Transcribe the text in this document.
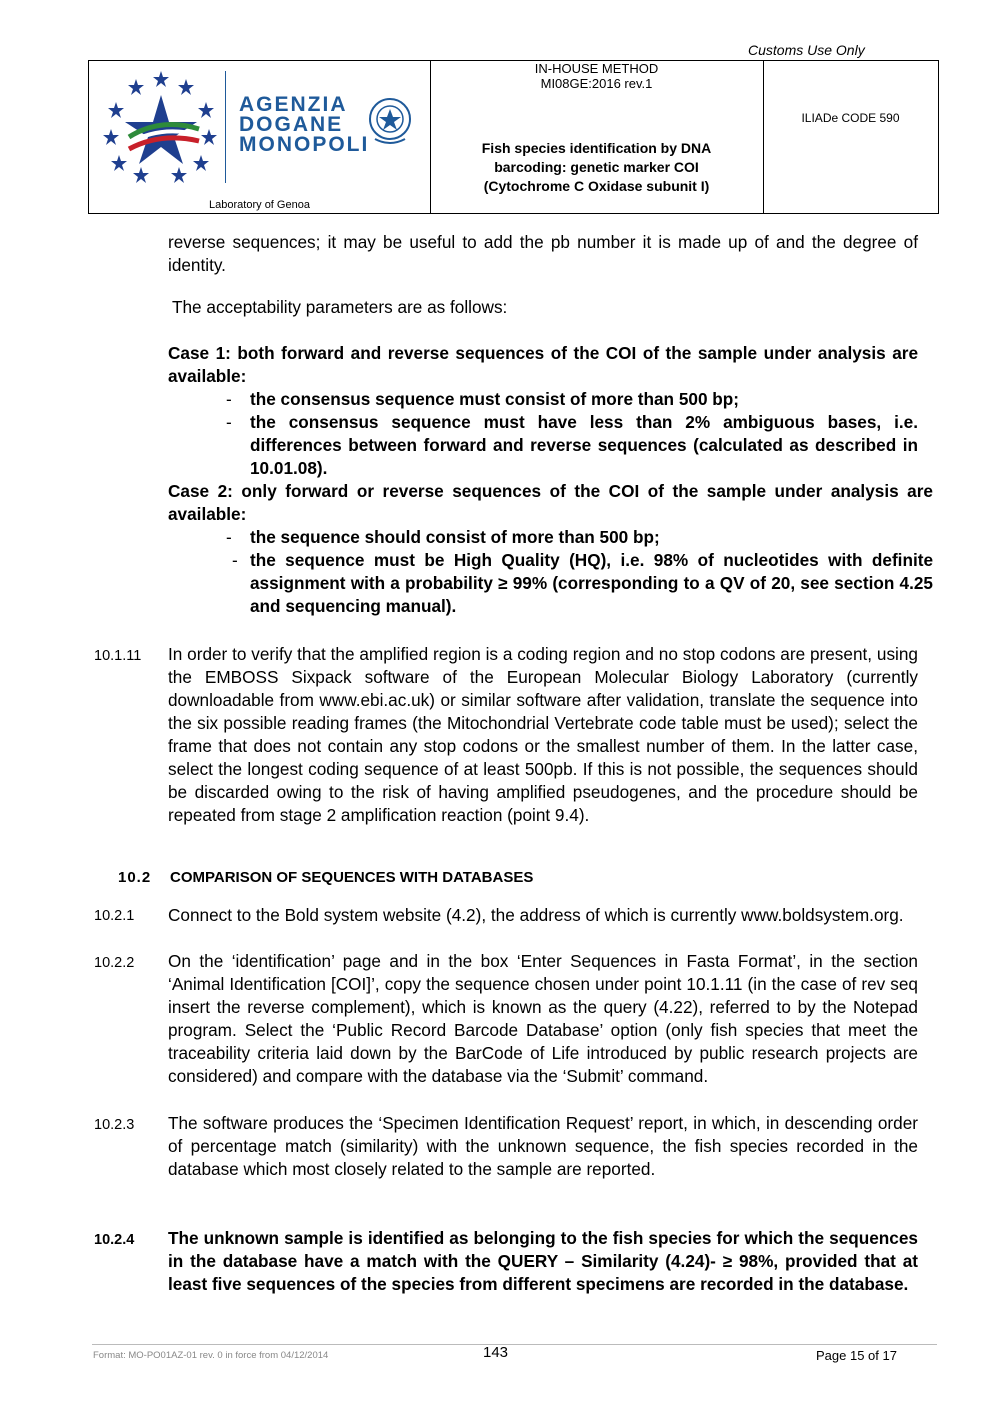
Customs Use Only
AGENZIA
DOGANE
MONOPOLI
Laboratory of Genoa
IN-HOUSE METHOD
MI08GE:2016 rev.1
Fish species identification by DNA
barcoding: genetic marker COI
(Cytochrome C Oxidase subunit I)
ILIADe CODE 590
reverse sequences; it may be useful to add the pb number it is made up of and the degree of identity.
The acceptability parameters are as follows:
Case 1: both forward and reverse sequences of the COI of the sample under analysis are available:
- the consensus sequence must consist of more than 500 bp;
- the consensus sequence must have less than 2% ambiguous bases, i.e. differences between forward and reverse sequences (calculated as described in 10.01.08).
Case 2: only forward or reverse sequences of the COI of the sample under analysis are available:
- the sequence should consist of more than 500 bp;
- the sequence must be High Quality (HQ), i.e. 98% of nucleotides with definite assignment with a probability ≥ 99% (corresponding to a QV of 20, see section 4.25 and sequencing manual).
10.1.11 In order to verify that the amplified region is a coding region and no stop codons are present, using the EMBOSS Sixpack software of the European Molecular Biology Laboratory (currently downloadable from www.ebi.ac.uk) or similar software after validation, translate the sequence into the six possible reading frames (the Mitochondrial Vertebrate code table must be used); select the frame that does not contain any stop codons or the smallest number of them. In the latter case, select the longest coding sequence of at least 500pb. If this is not possible, the sequences should be discarded owing to the risk of having amplified pseudogenes, and the procedure should be repeated from stage 2 amplification reaction (point 9.4).
10.2 COMPARISON OF SEQUENCES WITH DATABASES
10.2.1 Connect to the Bold system website (4.2), the address of which is currently www.boldsystem.org.
10.2.2 On the ‘identification’ page and in the box ‘Enter Sequences in Fasta Format’, in the section ‘Animal Identification [COI]’, copy the sequence chosen under point 10.1.11 (in the case of rev seq insert the reverse complement), which is known as the query (4.22), referred to by the Notepad program. Select the ‘Public Record Barcode Database’ option (only fish species that meet the traceability criteria laid down by the BarCode of Life introduced by public research projects are considered) and compare with the database via the ‘Submit’ command.
10.2.3 The software produces the ‘Specimen Identification Request’ report, in which, in descending order of percentage match (similarity) with the unknown sequence, the fish species recorded in the database which most closely related to the sample are reported.
10.2.4 The unknown sample is identified as belonging to the fish species for which the sequences in the database have a match with the QUERY – Similarity (4.24)- ≥ 98%, provided that at least five sequences of the species from different specimens are recorded in the database.
Format: MO-PO01AZ-01 rev. 0 in force from 04/12/2014	143	Page 15 of 17
